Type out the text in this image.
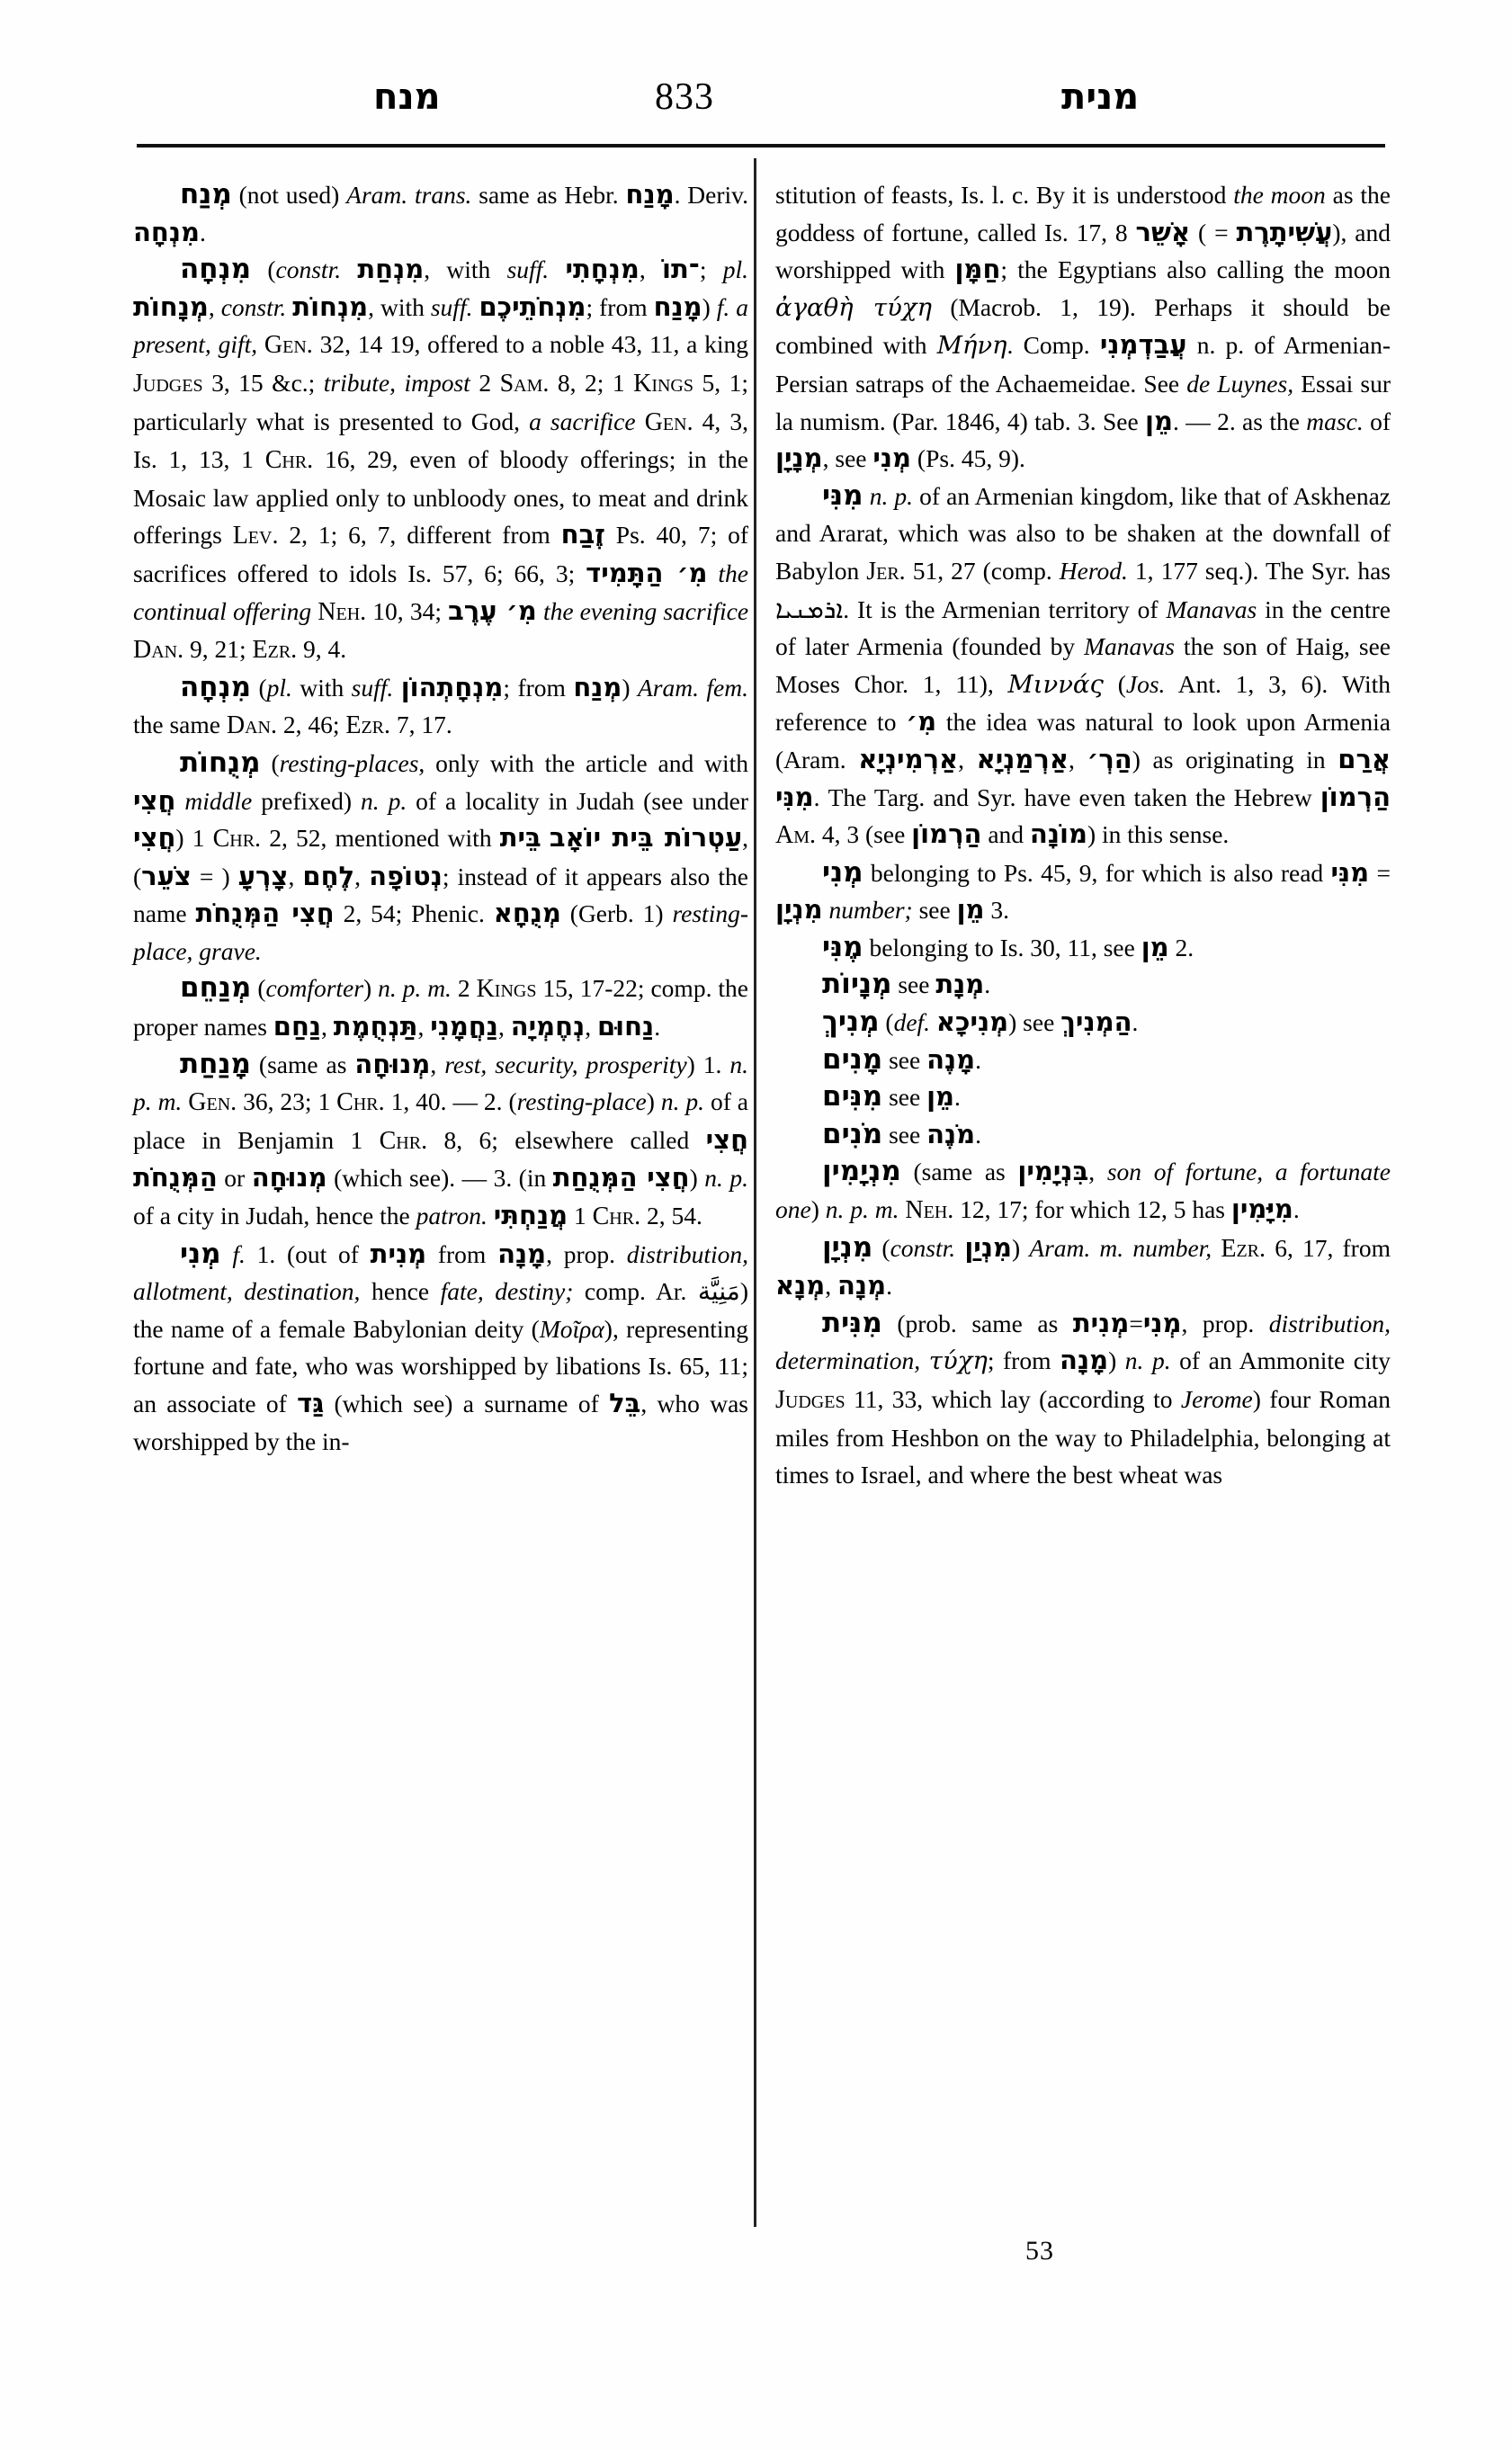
מנח	833	מנית

מְנַח (not used) Aram. trans. same as Hebr. מָנַח. Deriv. מִנְחָה.

מִנְחָה (constr. מִנְחַת, with suff. מִנְחָתִי, ־תוֹ; pl. מְנָחוֹת, constr. מִנְחוֹת, with suff. מִנְחֹתֵיכֶם; from מָנַח) f. a present, gift, Gen. 32, 14 19, offered to a noble 43, 11, a king Judges 3, 15 &c.; tribute, impost 2 Sam. 8, 2; 1 Kings 5, 1; particularly what is presented to God, a sacrifice Gen. 4, 3, Is. 1, 13, 1 Chr. 16, 29, even of bloody offerings; in the Mosaic law applied only to unbloody ones, to meat and drink offerings Lev. 2, 1; 6, 7, different from זֶבַח Ps. 40, 7; of sacrifices offered to idols Is. 57, 6; 66, 3; מִ׳ הַתָּמִיד the continual offering Neh. 10, 34; מִ׳ עֶרֶב the evening sacrifice Dan. 9, 21; Ezr. 9, 4.

מִנְחָה (pl. with suff. מִנְחָתְהוֹן; from מְנַח) Aram. fem. the same Dan. 2, 46; Ezr. 7, 17.

מְנֻחוֹת (resting-places, only with the article and with חֲצִי middle prefixed) n. p. of a locality in Judah (see under חֲצִי) 1 Chr. 2, 52, mentioned with בֵּית עַטְרוֹת בֵּית יוֹאָב, (צֹעֵר = ) צָרְעָ, לֶחֶם, נְטוֹפָה; instead of it appears also the name חֲצִי הַמְּנֻחֹת 2, 54; Phenic. מְנֻחָא (Gerb. 1) resting-place, grave.

מְנַחֵם (comforter) n. p. m. 2 Kings 15, 17-22; comp. the proper names נַחַם, תַּנְחֻמֶת, נַחֲמָנִי, נְחֶמְיָה, נַחוּם.

מָנַחַת (same as מְנוּחָה, rest, security, prosperity) 1. n. p. m. Gen. 36, 23; 1 Chr. 1, 40. — 2. (resting-place) n. p. of a place in Benjamin 1 Chr. 8, 6; elsewhere called חֲצִי הַמְּנֻחֹת or מְנוּחָה (which see). — 3. (in חֲצִי הַמְּנֻחַת) n. p. of a city in Judah, hence the patron. מֲנַחְתִּי 1 Chr. 2, 54.

מְנִי f. 1. (out of מְנִית from מָנָה, prop. distribution, allotment, destination, hence fate, destiny; comp. Ar. مَنِيَّة) the name of a female Babylonian deity (Μοῖρα), representing fortune and fate, who was worshipped by libations Is. 65, 11; an associate of גַּד (which see) a surname of בֵּל, who was worshipped by the in-

stitution of feasts, Is. l. c. By it is understood the moon as the goddess of fortune, called Is. 17, 8 אָשֵׁר ( = עֲשִׁיתָרֶת), and worshipped with חַמָּן; the Egyptians also calling the moon ἀγαθὴ τύχη (Macrob. 1, 19). Perhaps it should be combined with Μήνη. Comp. עֲבַדְמְנִי n. p. of Armenian-Persian satraps of the Achaemeidae. See de Luynes, Essai sur la numism. (Par. 1846, 4) tab. 3. See מֵן. — 2. as the masc. of מְנָיָן, see מְנִי (Ps. 45, 9).

מִנִּי n. p. of an Armenian kingdom, like that of Askhenaz and Ararat, which was also to be shaken at the downfall of Babylon Jer. 51, 27 (comp. Herod. 1, 177 seq.). The Syr. has ܐܪܡܢܝܐ. It is the Armenian territory of Manavas in the centre of later Armenia (founded by Manavas the son of Haig, see Moses Chor. 1, 11), Μιννάς (Jos. Ant. 1, 3, 6). With reference to מִ׳ the idea was natural to look upon Armenia (Aram. אַרְמִינְיָא, אַרְמַנְיָא, הַרְ׳) as originating in אֲרַם מִנִּי. The Targ. and Syr. have even taken the Hebrew הַרְמוֹן Am. 4, 3 (see הַרְמוֹן and מוֹנָה) in this sense.

מְנִי belonging to Ps. 45, 9, for which is also read מִנִּי = מִנְיָן number; see מֵן 3.

מֶנִּי belonging to Is. 30, 11, see מֵן 2.

מְנָיוֹת see מְנָת.

מְנִיךְ (def. מְנִיכָא) see הַמְנִיךְ.

מָנִים see מָנֶה.

מִנִּים see מֵן.

מֹנִים see מֹנֶה.

מִנְיָמִין (same as בִּנְיָמִין, son of fortune, a fortunate one) n. p. m. Neh. 12, 17; for which 12, 5 has מִיָּמִין.

מִנְיָן (constr. מִנְיַן) Aram. m. number, Ezr. 6, 17, from מְנָא, מְנָה.

מִנִּית (prob. same as מְנִית=מְנִי, prop. distribution, determination, τύχη; from מָנָה) n. p. of an Ammonite city Judges 11, 33, which lay (according to Jerome) four Roman miles from Heshbon on the way to Philadelphia, belonging at times to Israel, and where the best wheat was

53
